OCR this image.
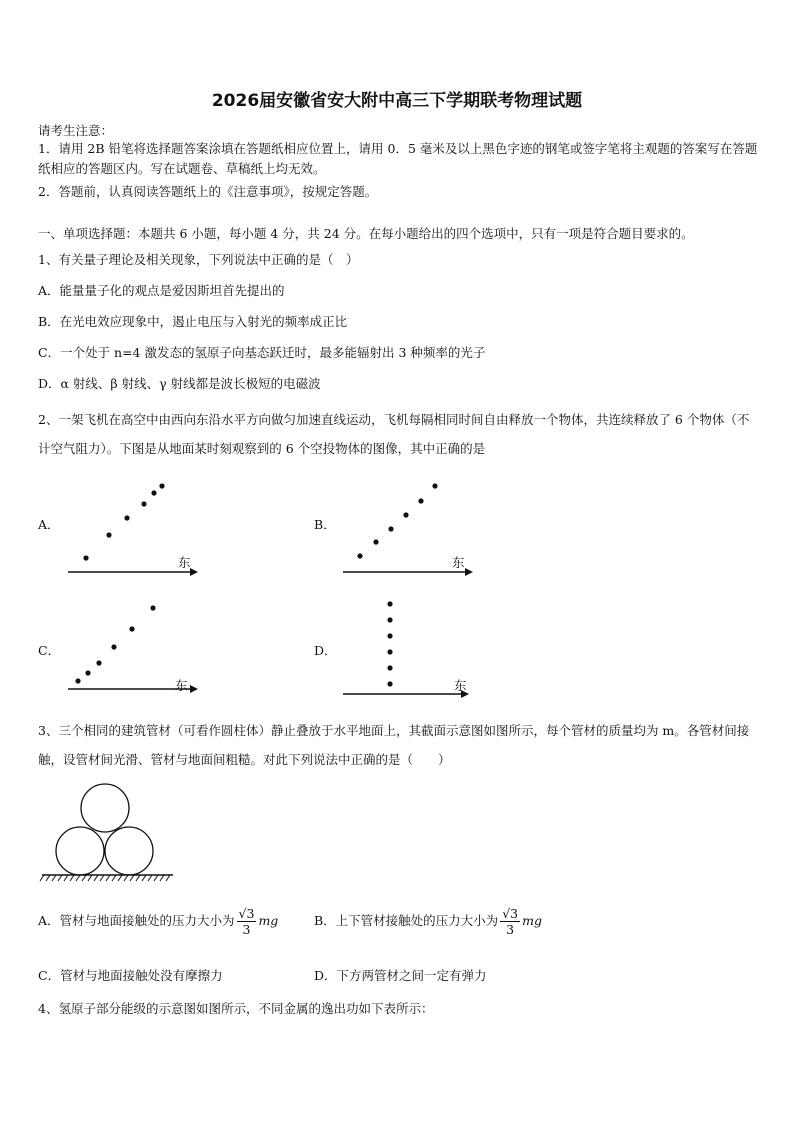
2026届安徽省安大附中高三下学期联考物理试题
请考生注意：
1．请用 2B 铅笔将选择题答案涂填在答题纸相应位置上，请用 0．5 毫米及以上黑色字迹的钢笔或签字笔将主观题的答案写在答题纸相应的答题区内。写在试题卷、草稿纸上均无效。
2．答题前，认真阅读答题纸上的《注意事项》，按规定答题。
一、单项选择题：本题共 6 小题，每小题 4 分，共 24 分。在每小题给出的四个选项中，只有一项是符合题目要求的。
1、有关量子理论及相关现象，下列说法中正确的是（　）
A．能量量子化的观点是爱因斯坦首先提出的
B．在光电效应现象中，遏止电压与入射光的频率成正比
C．一个处于 n=4 激发态的氢原子向基态跃迁时，最多能辐射出 3 种频率的光子
D．α 射线、β 射线、γ 射线都是波长极短的电磁波
2、一架飞机在高空中由西向东沿水平方向做匀加速直线运动，飞机每隔相同时间自由释放一个物体，共连续释放了 6 个物体（不计空气阻力）。下图是从地面某时刻观察到的 6 个空投物体的图像，其中正确的是
A．
东
B．
东
C．
东
D．
东
3、三个相同的建筑管材（可看作圆柱体）静止叠放于水平地面上，其截面示意图如图所示，每个管材的质量均为 m。各管材间接触，设管材间光滑、管材与地面间粗糙。对此下列说法中正确的是（　　）
A．管材与地面接触处的压力大小为 $\frac{√3}{3}$ mg	B．上下管材接触处的压力大小为 $\frac{√3}{3}$ mg
C．管材与地面接触处没有摩擦力	D．下方两管材之间一定有弹力
4、氢原子部分能级的示意图如图所示，不同金属的逸出功如下表所示：
